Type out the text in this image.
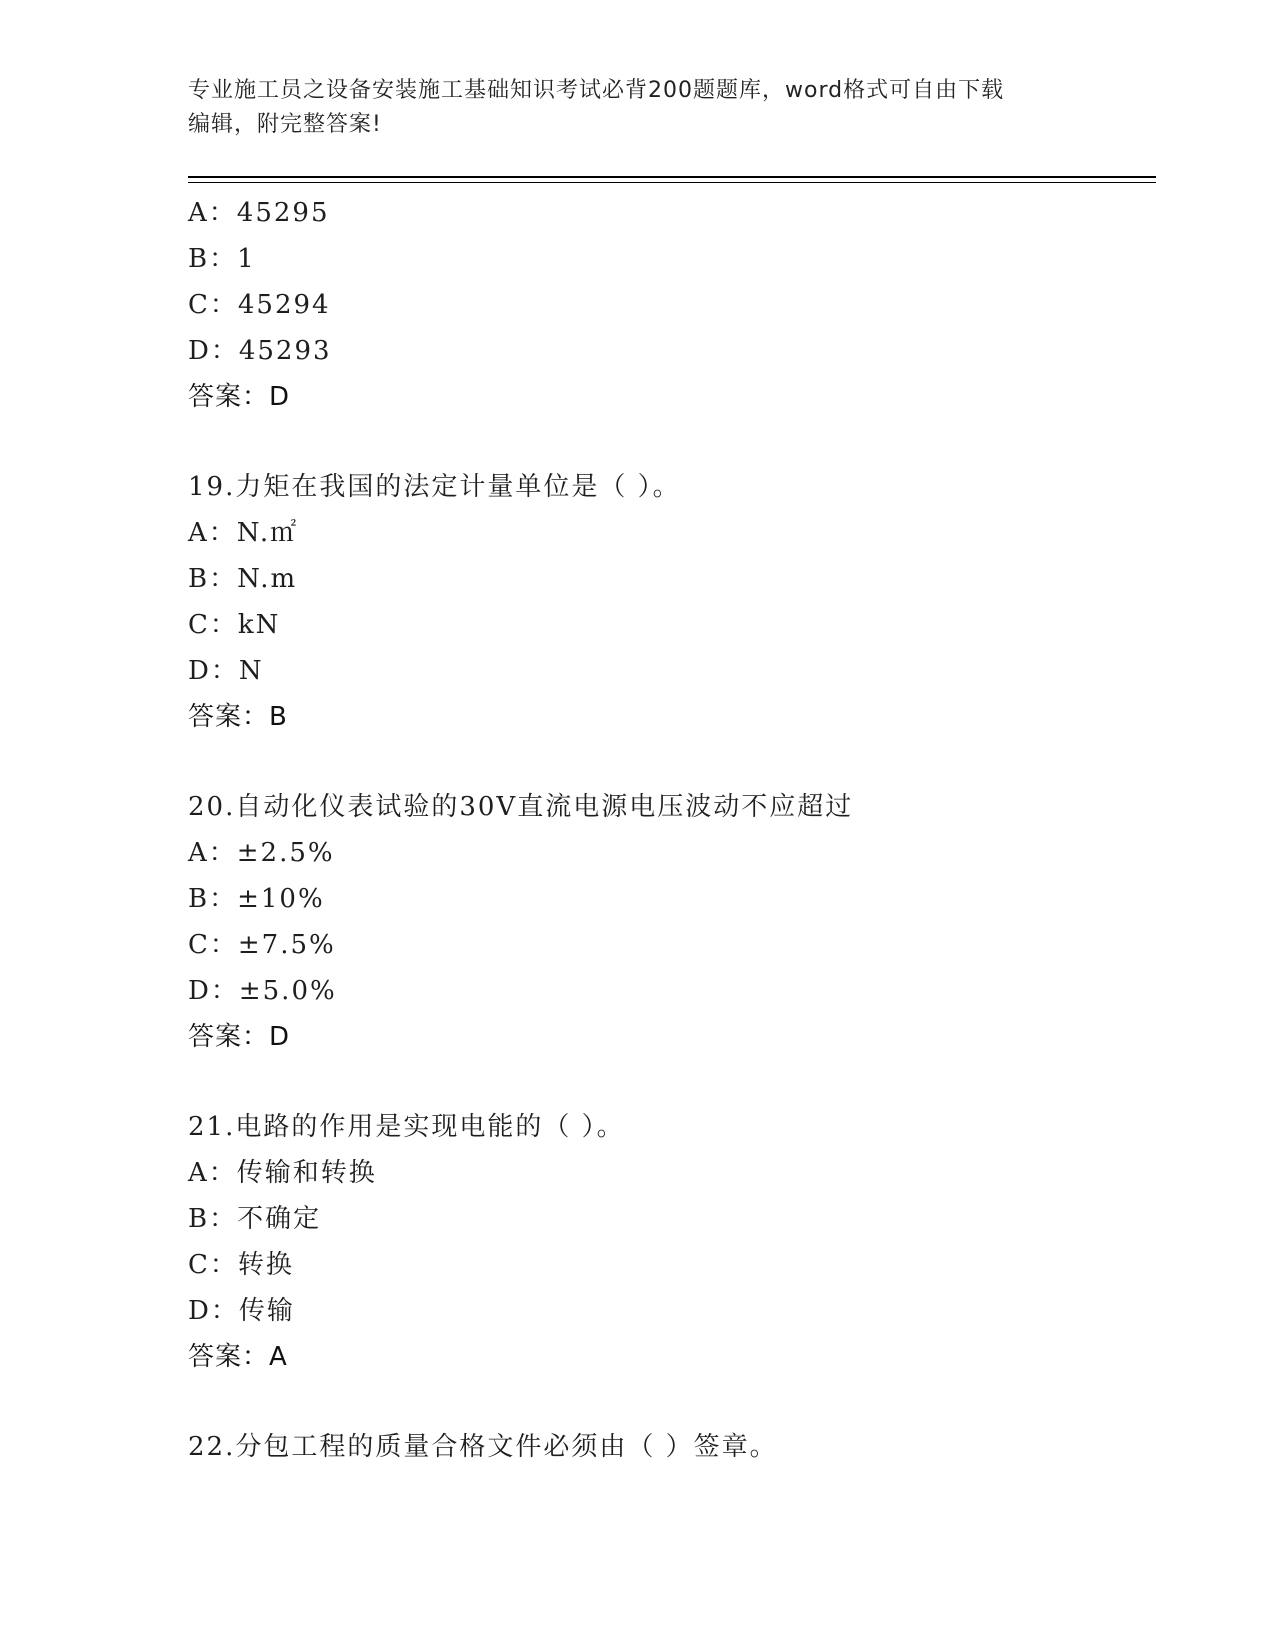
专业施工员之设备安装施工基础知识考试必背200题题库，word格式可自由下载
编辑，附完整答案!
A：45295
B：1
C：45294
D：45293
答案：D
19.力矩在我国的法定计量单位是（ ）。
A：N.㎡
B：N.m
C：kN
D：N
答案：B
20.自动化仪表试验的30V直流电源电压波动不应超过
A：±2.5%
B：±10%
C：±7.5%
D：±5.0%
答案：D
21.电路的作用是实现电能的（ ）。
A：传输和转换
B：不确定
C：转换
D：传输
答案：A
22.分包工程的质量合格文件必须由（ ）签章。
